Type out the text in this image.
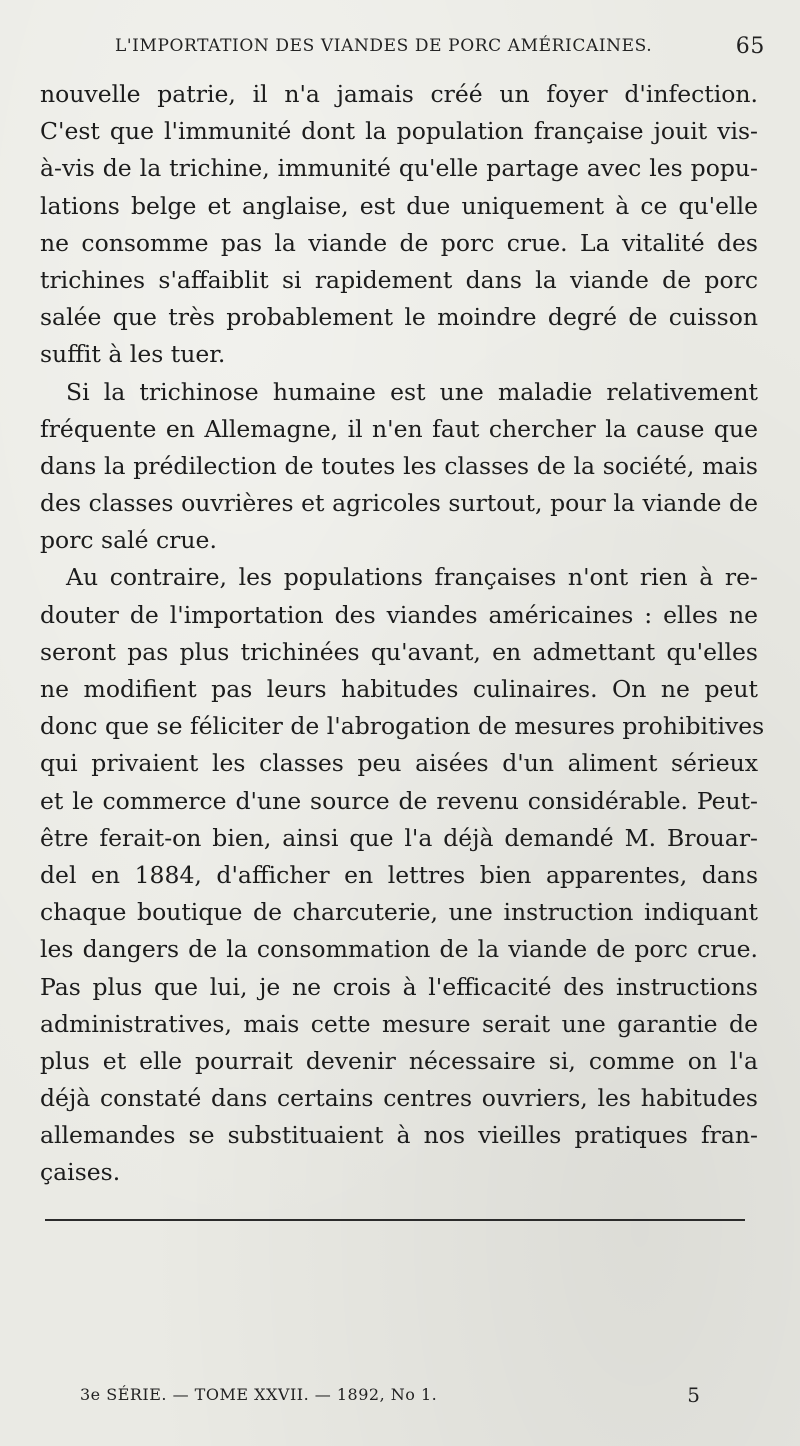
L'IMPORTATION DES VIANDES DE PORC AMÉRICAINES.	65
nouvelle patrie, il n'a jamais créé un foyer d'infection.
C'est que l'immunité dont la population française jouit vis-
à-vis de la trichine, immunité qu'elle partage avec les popu-
lations belge et anglaise, est due uniquement à ce qu'elle
ne consomme pas la viande de porc crue. La vitalité des
trichines s'affaiblit si rapidement dans la viande de porc
salée que très probablement le moindre degré de cuisson
suffit à les tuer.
Si la trichinose humaine est une maladie relativement
fréquente en Allemagne, il n'en faut chercher la cause que
dans la prédilection de toutes les classes de la société, mais
des classes ouvrières et agricoles surtout, pour la viande de
porc salé crue.
Au contraire, les populations françaises n'ont rien à re-
douter de l'importation des viandes américaines : elles ne
seront pas plus trichinées qu'avant, en admettant qu'elles
ne modifient pas leurs habitudes culinaires. On ne peut
donc que se féliciter de l'abrogation de mesures prohibitives
qui privaient les classes peu aisées d'un aliment sérieux
et le commerce d'une source de revenu considérable. Peut-
être ferait-on bien, ainsi que l'a déjà demandé M. Brouar-
del en 1884, d'afficher en lettres bien apparentes, dans
chaque boutique de charcuterie, une instruction indiquant
les dangers de la consommation de la viande de porc crue.
Pas plus que lui, je ne crois à l'efficacité des instructions
administratives, mais cette mesure serait une garantie de
plus et elle pourrait devenir nécessaire si, comme on l'a
déjà constaté dans certains centres ouvriers, les habitudes
allemandes se substituaient à nos vieilles pratiques fran-
çaises.
3e SÉRIE. — TOME XXVII. — 1892, No 1.	5
